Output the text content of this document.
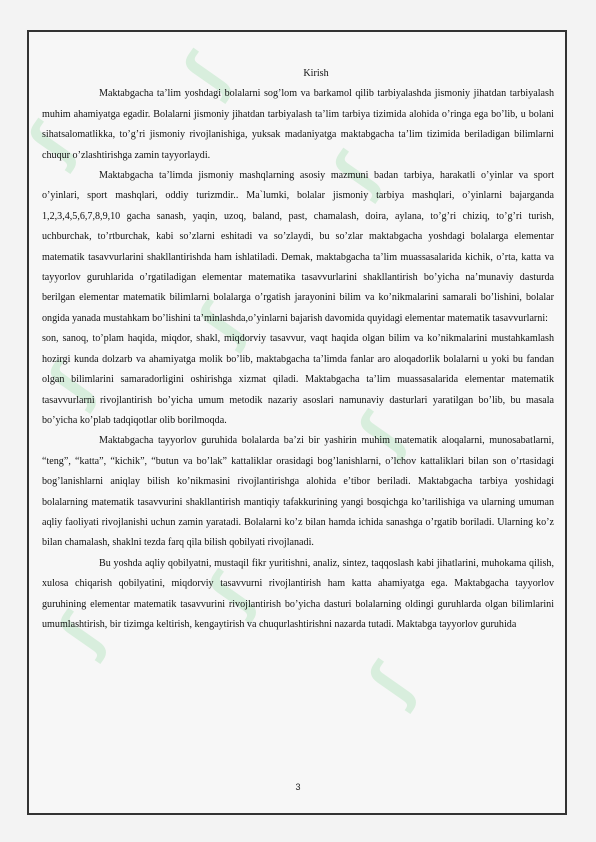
ʃ
ʃ
ʃ
ʃ
ʃ
ʃ
ʃ
ʃ
ʃ

Kirish

Maktabgacha ta’lim yoshdagi bolalarni sog’lom va barkamol qilib tarbiyalashda jismoniy jihatdan tarbiyalash muhim ahamiyatga egadir. Bolalarni jismoniy jihatdan tarbiyalash ta’lim tarbiya tizimida alohida o’ringa ega bo’lib, u bolani sihatsalomatlikka, to’g’ri jismoniy rivojlanishiga, yuksak madaniyatga maktabgacha ta’lim tizimida beriladigan bilimlarni chuqur o’zlashtirishga zamin tayyorlaydi.

Maktabgacha ta’limda jismoniy mashqlarning asosiy mazmuni badan tarbiya, harakatli o’yinlar va sport o’yinlari, sport mashqlari, oddiy turizmdir.. Ma`lumki, bolalar jismoniy tarbiya mashqlari, o’yinlarni bajarganda 1,2,3,4,5,6,7,8,9,10 gacha sanash, yaqin, uzoq, baland, past, chamalash, doira, aylana, to’g’ri chiziq, to’g’ri turish, uchburchak, to’rtburchak, kabi so’zlarni eshitadi va so’zlaydi, bu so’zlar maktabgacha yoshdagi bolalarga elementar matematik tasavvurlarini shakllantirishda ham ishlatiladi. Demak, maktabgacha ta’lim muassasalarida kichik, o’rta, katta va tayyorlov guruhlarida o’rgatiladigan elementar matematika tasavvurlarini shakllantirish bo’yicha na’munaviy dasturda berilgan elementar matematik bilimlarni bolalarga o’rgatish jarayonini bilim va ko’nikmalarini samarali bo’lishini, bolalar ongida yanada mustahkam bo’lishini ta’minlashda,o’yinlarni bajarish davomida quyidagi elementar matematik tasavvurlarni:

son, sanoq, to’plam haqida, miqdor, shakl, miqdorviy tasavvur, vaqt haqida olgan bilim va ko’nikmalarini mustahkamlash hozirgi kunda dolzarb va ahamiyatga molik bo’lib, maktabgacha ta’limda fanlar aro aloqadorlik bolalarni u yoki bu fandan olgan bilimlarini samaradorligini oshirishga xizmat qiladi. Maktabgacha ta’lim muassasalarida elementar matematik tasavvurlarni rivojlantirish bo’yicha umum metodik nazariy asoslari namunaviy dasturlari yaratilgan bo’lib, bu masala bo’yicha ko’plab tadqiqotlar olib borilmoqda.

Maktabgacha tayyorlov guruhida bolalarda ba’zi bir yashirin muhim matematik aloqalarni, munosabatlarni, “teng”, “katta”, “kichik”, “butun va bo’lak” kattaliklar orasidagi bog’lanishlarni, o’lchov kattaliklari bilan son o’rtasidagi bog’lanishlarni aniqlay bilish ko’nikmasini rivojlantirishga alohida e’tibor beriladi. Maktabgacha tarbiya yoshidagi bolalarning matematik tasavvurini shakllantirish mantiqiy tafakkurining yangi bosqichga ko’tarilishiga va ularning umuman aqliy faoliyati rivojlanishi uchun zamin yaratadi. Bolalarni ko’z bilan hamda ichida sanashga o’rgatib boriladi. Ularning ko’z bilan chamalash, shaklni tezda farq qila bilish qobilyati rivojlanadi.

Bu yoshda aqliy qobilyatni, mustaqil fikr yuritishni, analiz, sintez, taqqoslash kabi jihatlarini, muhokama qilish, xulosa chiqarish qobilyatini, miqdorviy tasavvurni rivojlantirish ham katta ahamiyatga ega. Maktabgacha tayyorlov guruhining elementar matematik tasavvurini rivojlantirish bo’yicha dasturi bolalarning oldingi guruhlarda olgan bilimlarini umumlashtirish, bir tizimga keltirish, kengaytirish va chuqurlashtirishni nazarda tutadi. Maktabga tayyorlov guruhida

3
